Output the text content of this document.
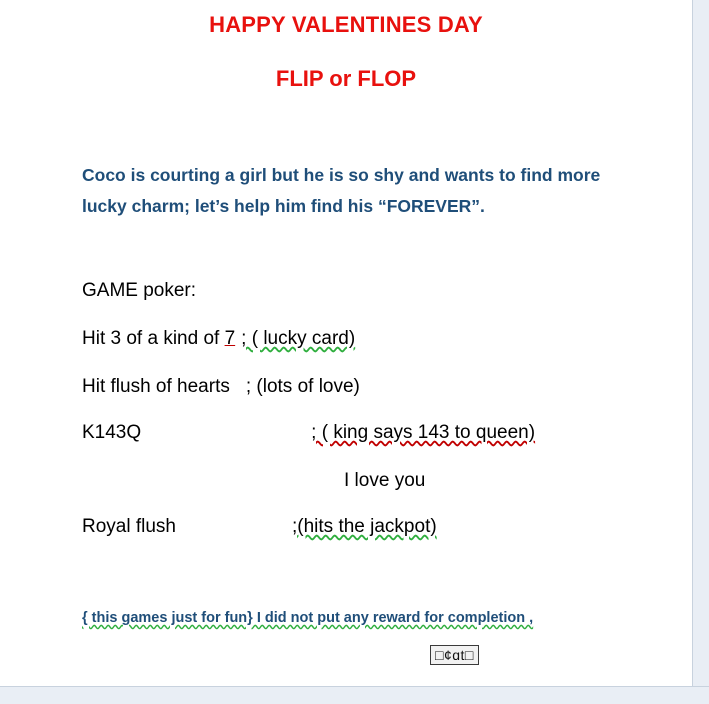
HAPPY VALENTINES DAY
FLIP or FLOP
Coco is courting a girl but he is so shy and wants to find more lucky charm; let’s help him find his “FOREVER”.
GAME poker:
Hit 3 of a kind of 7 ; ( lucky card)
Hit flush of hearts ; (lots of love)
K143Q	; ( king says 143 to queen)
I love you
Royal flush	;(hits the jackpot)
{ this games just for fun} I did not put any reward for completion ,
□¢ɑt□
